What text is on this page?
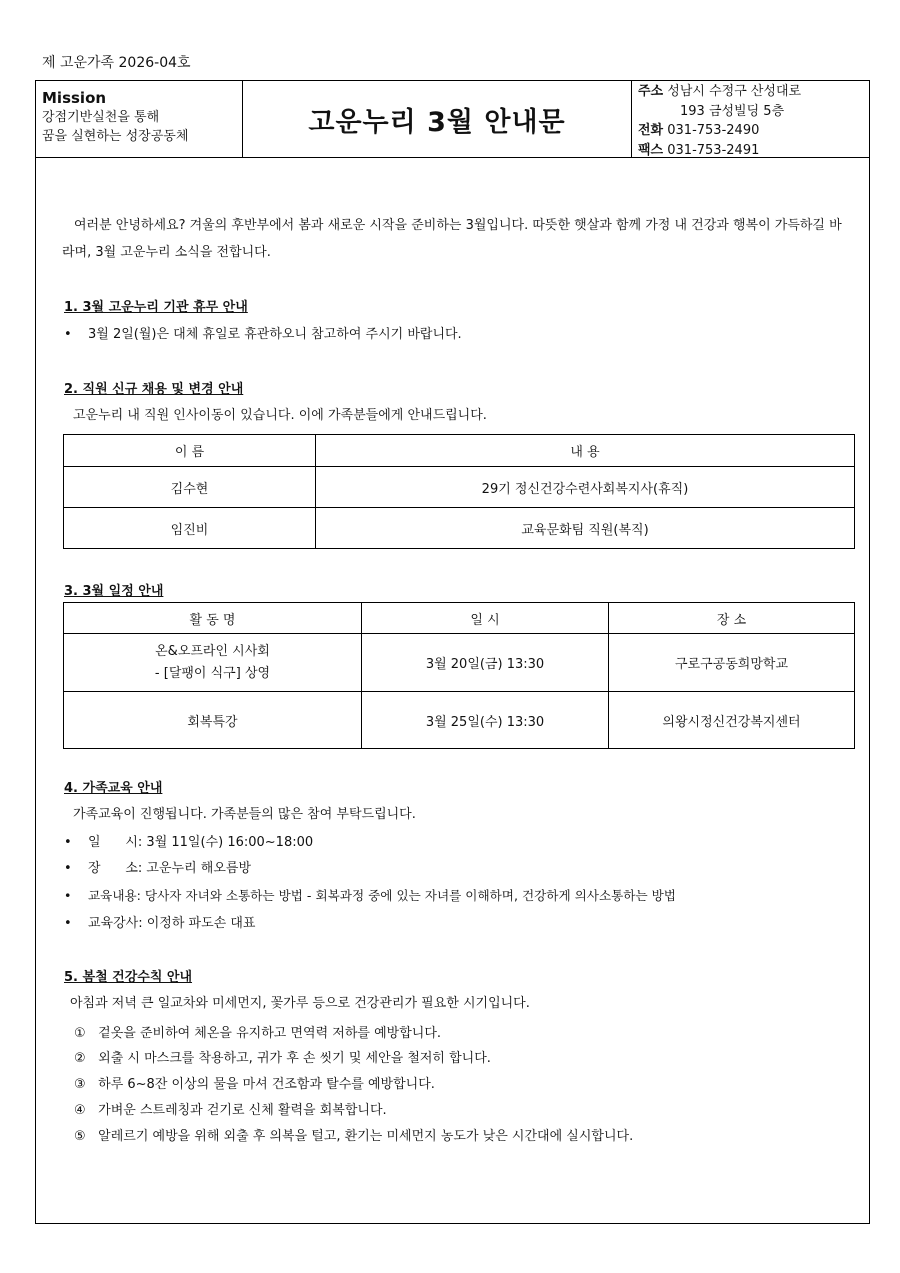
제 고운가족 2026-04호
Mission
강점기반실천을 통해
꿈을 실현하는 성장공동체	고운누리 3월 안내문
주소 성남시 수정구 산성대로
193 금성빌딩 5층
전화 031-753-2490
팩스 031-753-2491
여러분 안녕하세요? 겨울의 후반부에서 봄과 새로운 시작을 준비하는 3월입니다. 따뜻한 햇살과 함께 가정 내 건강과 행복이 가득하길 바라며, 3월 고운누리 소식을 전합니다.
1. 3월 고운누리 기관 휴무 안내
• 3월 2일(월)은 대체 휴일로 휴관하오니 참고하여 주시기 바랍니다.
2. 직원 신규 채용 및 변경 안내
고운누리 내 직원 인사이동이 있습니다. 이에 가족분들에게 안내드립니다.
이 름	내 용
김수현	29기 정신건강수련사회복지사(휴직)
임진비	교육문화팀 직원(복직)
3. 3월 일정 안내
활 동 명	일 시	장 소

온&오프라인 시사회
- [달팽이 식구] 상영	3월 20일(금) 13:30	구로구공동희망학교
회복특강	3월 25일(수) 13:30	의왕시정신건강복지센터
4. 가족교육 안내
가족교육이 진행됩니다. 가족분들의 많은 참여 부탁드립니다.
• 일      시: 3월 11일(수) 16:00~18:00
• 장      소: 고운누리 해오름방
• 교육내용: 당사자 자녀와 소통하는 방법 - 회복과정 중에 있는 자녀를 이해하며, 건강하게 의사소통하는 방법
• 교육강사: 이정하 파도손 대표
5. 봄철 건강수칙 안내
아침과 저녁 큰 일교차와 미세먼지, 꽃가루 등으로 건강관리가 필요한 시기입니다.
① 겉옷을 준비하여 체온을 유지하고 면역력 저하를 예방합니다.
② 외출 시 마스크를 착용하고, 귀가 후 손 씻기 및 세안을 철저히 합니다.
③ 하루 6~8잔 이상의 물을 마셔 건조함과 탈수를 예방합니다.
④ 가벼운 스트레칭과 걷기로 신체 활력을 회복합니다.
⑤ 알레르기 예방을 위해 외출 후 의복을 털고, 환기는 미세먼지 농도가 낮은 시간대에 실시합니다.
